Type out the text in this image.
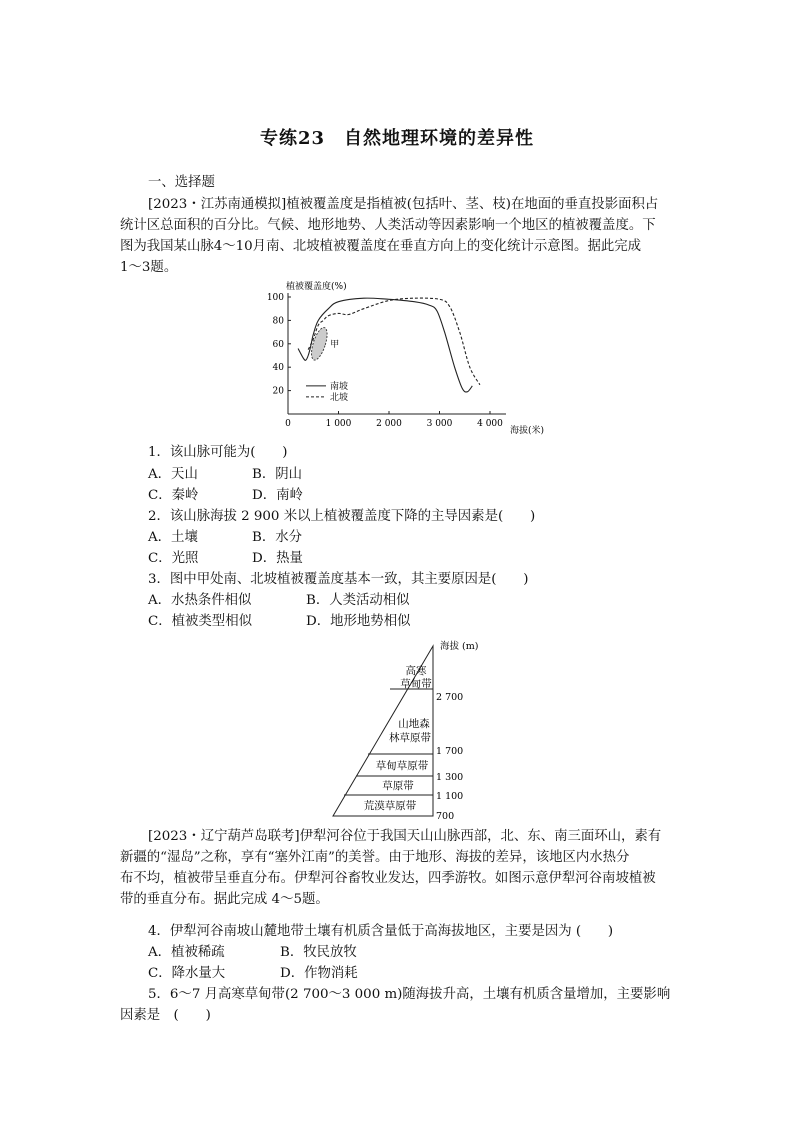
专练23　自然地理环境的差异性
一、选择题
[2023・江苏南通模拟]植被覆盖度是指植被(包括叶、茎、枝)在地面的垂直投影面积占
统计区总面积的百分比。气候、地形地势、人类活动等因素影响一个地区的植被覆盖度。下
图为我国某山脉4～10月南、北坡植被覆盖度在垂直方向上的变化统计示意图。据此完成
1～3题。
植被覆盖度(%)
0	1 000	2 000	3 000	4 000
20
40
60
80
100
甲
南坡
北坡
海拔(米)
1．该山脉可能为(　　)
A．天山	B．阴山
C．秦岭	D．南岭
2．该山脉海拔 2 900 米以上植被覆盖度下降的主导因素是(　　)
A．土壤	B．水分
C．光照	D．热量
3．图中甲处南、北坡植被覆盖度基本一致，其主要原因是(　　)
A．水热条件相似	B．人类活动相似
C．植被类型相似	D．地形地势相似
海拔 (m)
高寒
草甸带
山地森
林草原带
草甸草原带
草原带
荒漠草原带
2 700
1 700
1 300
1 100
700
[2023・辽宁葫芦岛联考]伊犁河谷位于我国天山山脉西部，北、东、南三面环山，素有
新疆的“湿岛”之称，享有“塞外江南”的美誉。由于地形、海拔的差异，该地区内水热分
布不均，植被带呈垂直分布。伊犁河谷畜牧业发达，四季游牧。如图示意伊犁河谷南坡植被
带的垂直分布。据此完成 4～5题。
4．伊犁河谷南坡山麓地带土壤有机质含量低于高海拔地区，主要是因为 (　　)
A．植被稀疏	B．牧民放牧
C．降水量大	D．作物消耗
5．6～7 月高寒草甸带(2 700～3 000 m)随海拔升高，土壤有机质含量增加，主要影响
因素是　(　　)
